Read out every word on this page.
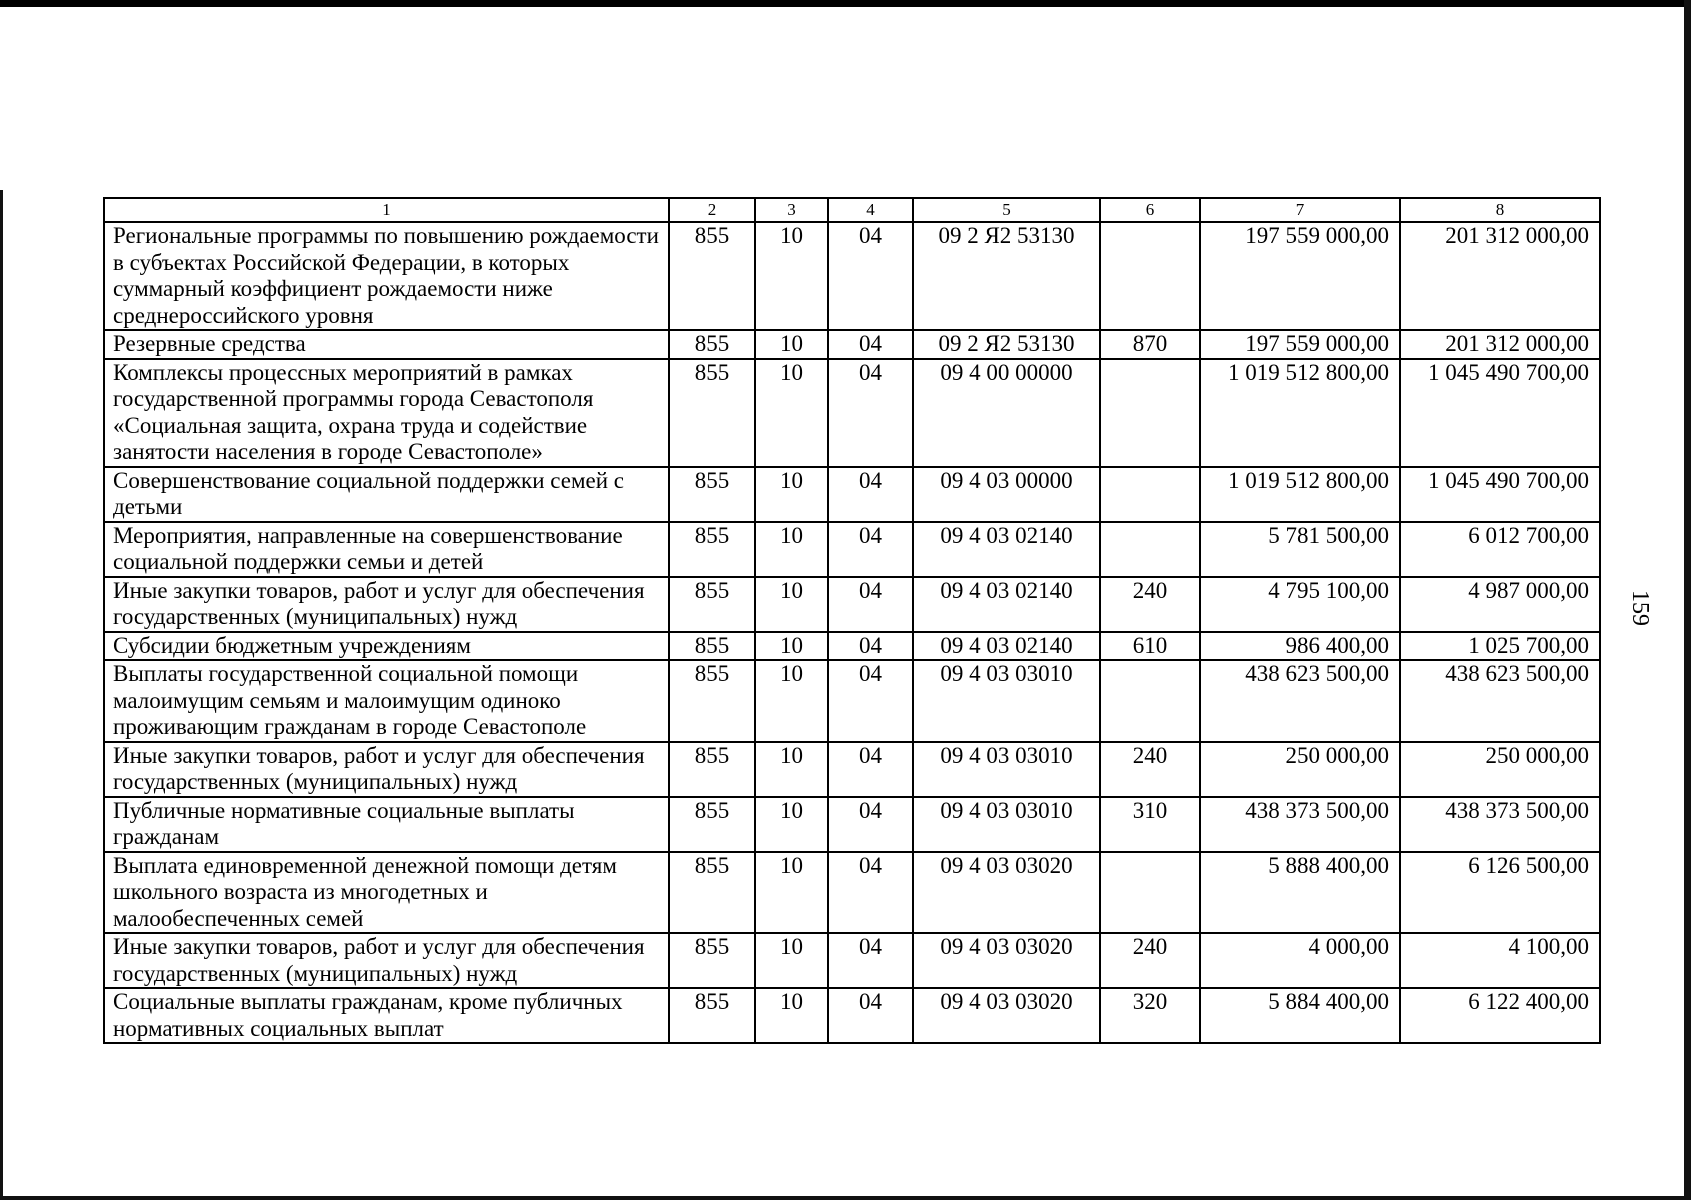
159
1	2	3	4	5	6	7	8
Региональные программы по повышению рождаемости в субъектах Российской Федерации, в которых суммарный коэффициент рождаемости ниже среднероссийского уровня	855	10	04	09 2 Я2 53130		197 559 000,00	201 312 000,00
Резервные средства	855	10	04	09 2 Я2 53130	870	197 559 000,00	201 312 000,00
Комплексы процессных мероприятий в рамках государственной программы города Севастополя «Социальная защита, охрана труда и содействие занятости населения в городе Севастополе»	855	10	04	09 4 00 00000		1 019 512 800,00	1 045 490 700,00
Совершенствование социальной поддержки семей с детьми	855	10	04	09 4 03 00000		1 019 512 800,00	1 045 490 700,00
Мероприятия, направленные на совершенствование социальной поддержки семьи и детей	855	10	04	09 4 03 02140		5 781 500,00	6 012 700,00
Иные закупки товаров, работ и услуг для обеспечения государственных (муниципальных) нужд	855	10	04	09 4 03 02140	240	4 795 100,00	4 987 000,00
Субсидии бюджетным учреждениям	855	10	04	09 4 03 02140	610	986 400,00	1 025 700,00
Выплаты государственной социальной помощи малоимущим семьям и малоимущим одиноко проживающим гражданам в городе Севастополе	855	10	04	09 4 03 03010		438 623 500,00	438 623 500,00
Иные закупки товаров, работ и услуг для обеспечения государственных (муниципальных) нужд	855	10	04	09 4 03 03010	240	250 000,00	250 000,00
Публичные нормативные социальные выплаты гражданам	855	10	04	09 4 03 03010	310	438 373 500,00	438 373 500,00
Выплата единовременной денежной помощи детям школьного возраста из многодетных и малообеспеченных семей	855	10	04	09 4 03 03020		5 888 400,00	6 126 500,00
Иные закупки товаров, работ и услуг для обеспечения государственных (муниципальных) нужд	855	10	04	09 4 03 03020	240	4 000,00	4 100,00
Социальные выплаты гражданам, кроме публичных нормативных социальных выплат	855	10	04	09 4 03 03020	320	5 884 400,00	6 122 400,00
